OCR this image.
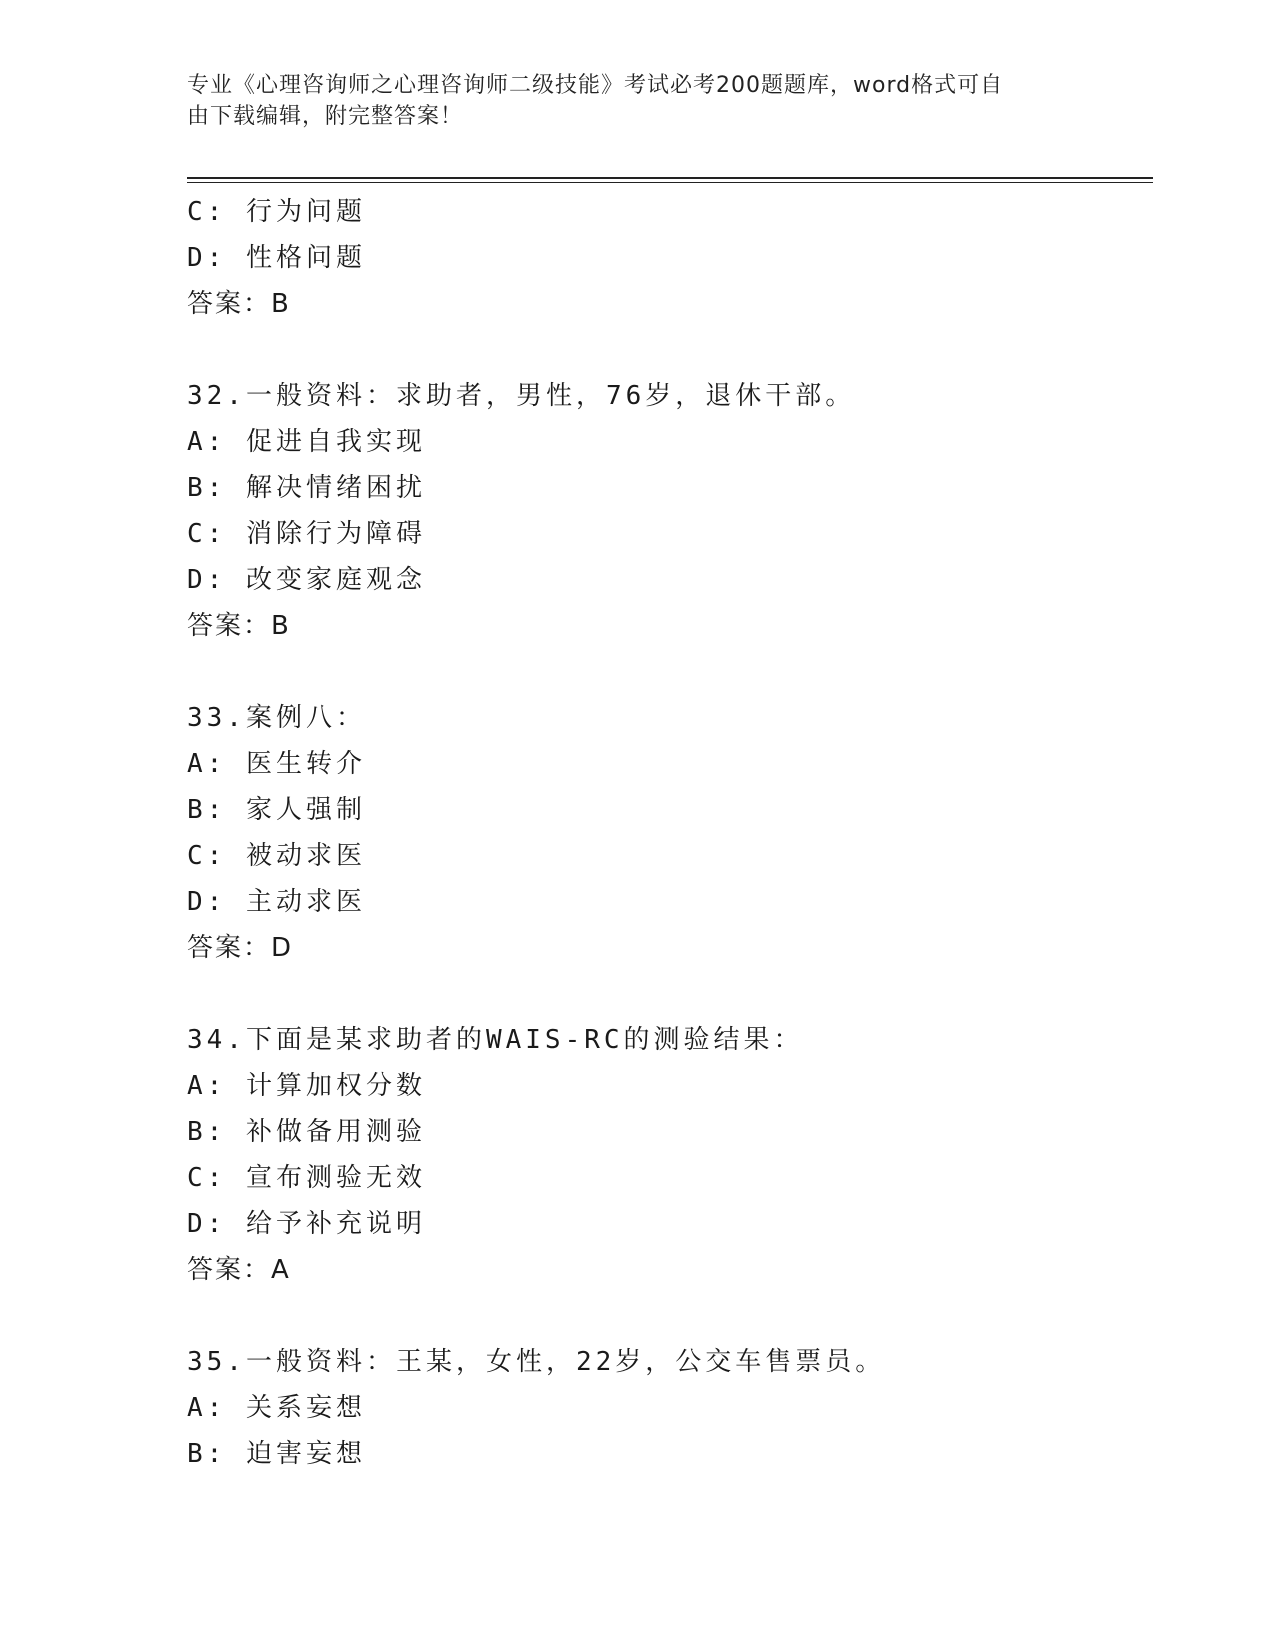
专业《心理咨询师之心理咨询师二级技能》考试必考200题题库，word格式可自
由下载编辑，附完整答案！
C: 行为问题
D: 性格问题
答案：B
32.一般资料：求助者，男性，76岁，退休干部。
A: 促进自我实现
B: 解决情绪困扰
C: 消除行为障碍
D: 改变家庭观念
答案：B
33.案例八：
A: 医生转介
B: 家人强制
C: 被动求医
D: 主动求医
答案：D
34.下面是某求助者的WAIS-RC的测验结果：
A: 计算加权分数
B: 补做备用测验
C: 宣布测验无效
D: 给予补充说明
答案：A
35.一般资料：王某，女性，22岁，公交车售票员。
A: 关系妄想
B: 迫害妄想
